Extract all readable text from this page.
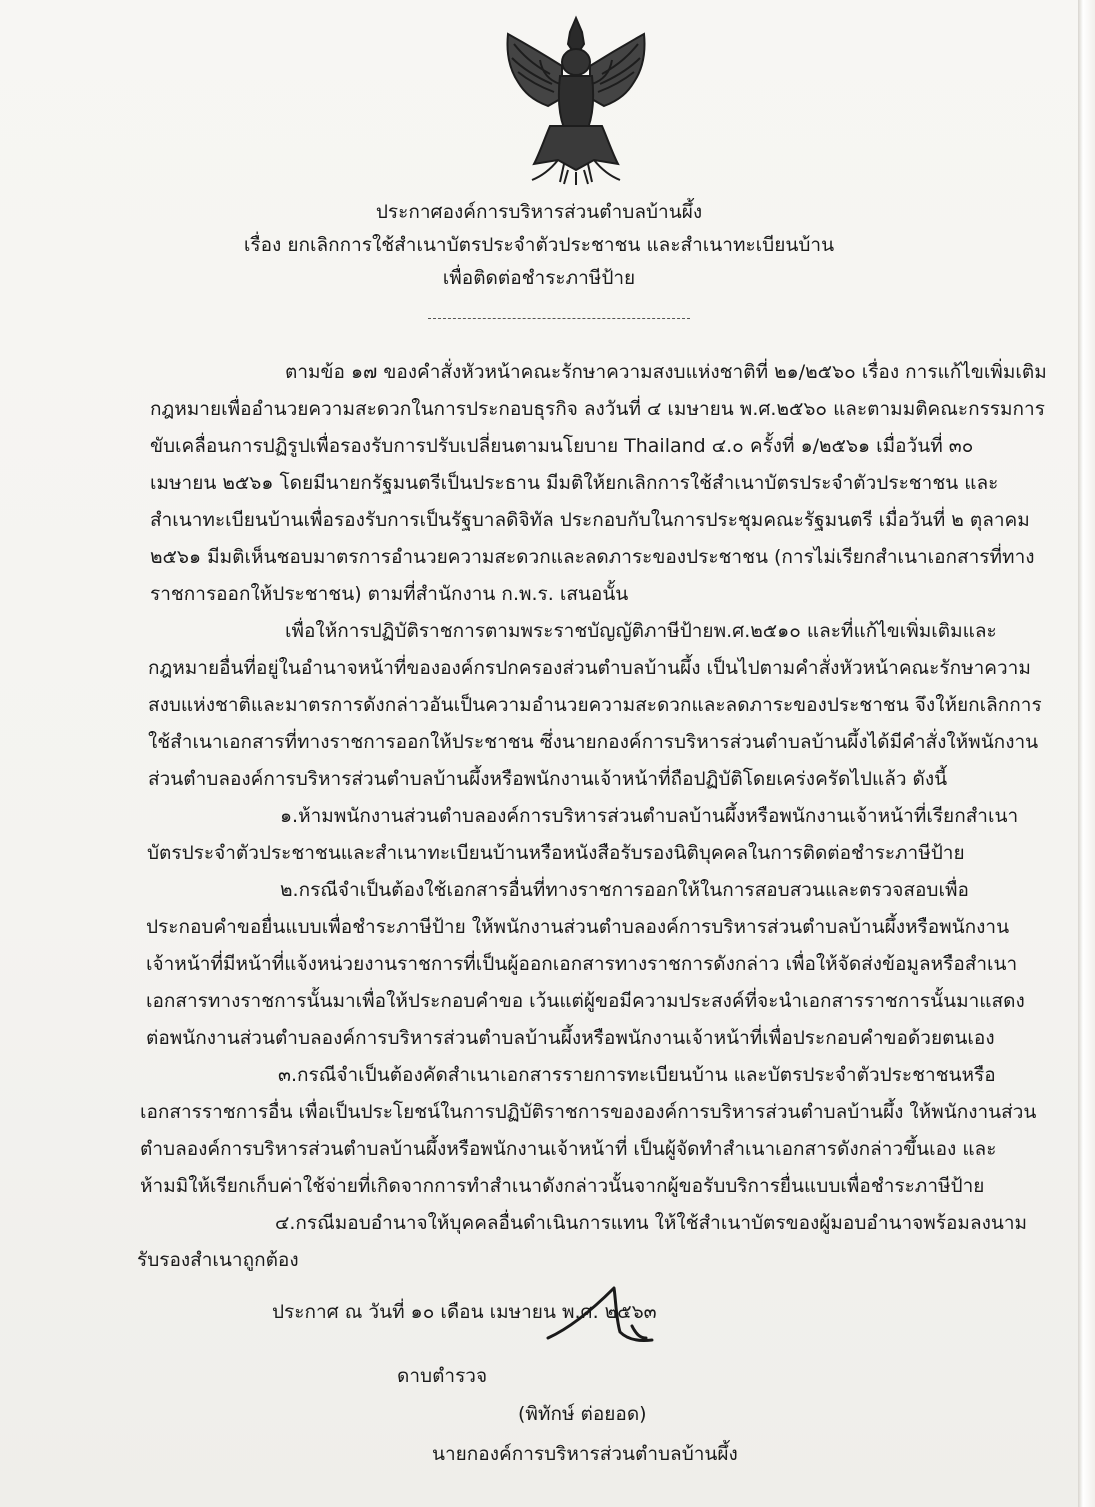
ประกาศองค์การบริหารส่วนตำบลบ้านผึ้ง
เรื่อง ยกเลิกการใช้สำเนาบัตรประจำตัวประชาชน และสำเนาทะเบียนบ้าน
เพื่อติดต่อชำระภาษีป้าย
ตามข้อ ๑๗ ของคำสั่งหัวหน้าคณะรักษาความสงบแห่งชาติที่ ๒๑/๒๕๖๐ เรื่อง การแก้ไขเพิ่มเติม
กฎหมายเพื่ออำนวยความสะดวกในการประกอบธุรกิจ ลงวันที่ ๔ เมษายน พ.ศ.๒๕๖๐ และตามมติคณะกรรมการ
ขับเคลื่อนการปฏิรูปเพื่อรองรับการปรับเปลี่ยนตามนโยบาย Thailand ๔.๐ ครั้งที่ ๑/๒๕๖๑ เมื่อวันที่ ๓๐
เมษายน ๒๕๖๑ โดยมีนายกรัฐมนตรีเป็นประธาน มีมติให้ยกเลิกการใช้สำเนาบัตรประจำตัวประชาชน และ
สำเนาทะเบียนบ้านเพื่อรองรับการเป็นรัฐบาลดิจิทัล ประกอบกับในการประชุมคณะรัฐมนตรี เมื่อวันที่ ๒ ตุลาคม
๒๕๖๑ มีมติเห็นชอบมาตรการอำนวยความสะดวกและลดภาระของประชาชน (การไม่เรียกสำเนาเอกสารที่ทาง
ราชการออกให้ประชาชน) ตามที่สำนักงาน ก.พ.ร. เสนอนั้น
เพื่อให้การปฏิบัติราชการตามพระราชบัญญัติภาษีป้ายพ.ศ.๒๕๑๐ และที่แก้ไขเพิ่มเติมและ
กฎหมายอื่นที่อยู่ในอำนาจหน้าที่ขององค์กรปกครองส่วนตำบลบ้านผึ้ง เป็นไปตามคำสั่งหัวหน้าคณะรักษาความ
สงบแห่งชาติและมาตรการดังกล่าวอันเป็นความอำนวยความสะดวกและลดภาระของประชาชน จึงให้ยกเลิกการ
ใช้สำเนาเอกสารที่ทางราชการออกให้ประชาชน ซึ่งนายกองค์การบริหารส่วนตำบลบ้านผึ้งได้มีคำสั่งให้พนักงาน
ส่วนตำบลองค์การบริหารส่วนตำบลบ้านผึ้งหรือพนักงานเจ้าหน้าที่ถือปฏิบัติโดยเคร่งครัดไปแล้ว ดังนี้
๑.ห้ามพนักงานส่วนตำบลองค์การบริหารส่วนตำบลบ้านผึ้งหรือพนักงานเจ้าหน้าที่เรียกสำเนา
บัตรประจำตัวประชาชนและสำเนาทะเบียนบ้านหรือหนังสือรับรองนิติบุคคลในการติดต่อชำระภาษีป้าย
๒.กรณีจำเป็นต้องใช้เอกสารอื่นที่ทางราชการออกให้ในการสอบสวนและตรวจสอบเพื่อ
ประกอบคำขอยื่นแบบเพื่อชำระภาษีป้าย ให้พนักงานส่วนตำบลองค์การบริหารส่วนตำบลบ้านผึ้งหรือพนักงาน
เจ้าหน้าที่มีหน้าที่แจ้งหน่วยงานราชการที่เป็นผู้ออกเอกสารทางราชการดังกล่าว เพื่อให้จัดส่งข้อมูลหรือสำเนา
เอกสารทางราชการนั้นมาเพื่อให้ประกอบคำขอ เว้นแต่ผู้ขอมีความประสงค์ที่จะนำเอกสารราชการนั้นมาแสดง
ต่อพนักงานส่วนตำบลองค์การบริหารส่วนตำบลบ้านผึ้งหรือพนักงานเจ้าหน้าที่เพื่อประกอบคำขอด้วยตนเอง
๓.กรณีจำเป็นต้องคัดสำเนาเอกสารรายการทะเบียนบ้าน และบัตรประจำตัวประชาชนหรือ
เอกสารราชการอื่น เพื่อเป็นประโยชน์ในการปฏิบัติราชการขององค์การบริหารส่วนตำบลบ้านผึ้ง ให้พนักงานส่วน
ตำบลองค์การบริหารส่วนตำบลบ้านผึ้งหรือพนักงานเจ้าหน้าที่ เป็นผู้จัดทำสำเนาเอกสารดังกล่าวขึ้นเอง และ
ห้ามมิให้เรียกเก็บค่าใช้จ่ายที่เกิดจากการทำสำเนาดังกล่าวนั้นจากผู้ขอรับบริการยื่นแบบเพื่อชำระภาษีป้าย
๔.กรณีมอบอำนาจให้บุคคลอื่นดำเนินการแทน ให้ใช้สำเนาบัตรของผู้มอบอำนาจพร้อมลงนาม
รับรองสำเนาถูกต้อง
ประกาศ ณ วันที่ ๑๐ เดือน เมษายน พ.ศ. ๒๕๖๓
ดาบตำรวจ
(พิทักษ์ ต่อยอด)
นายกองค์การบริหารส่วนตำบลบ้านผึ้ง
